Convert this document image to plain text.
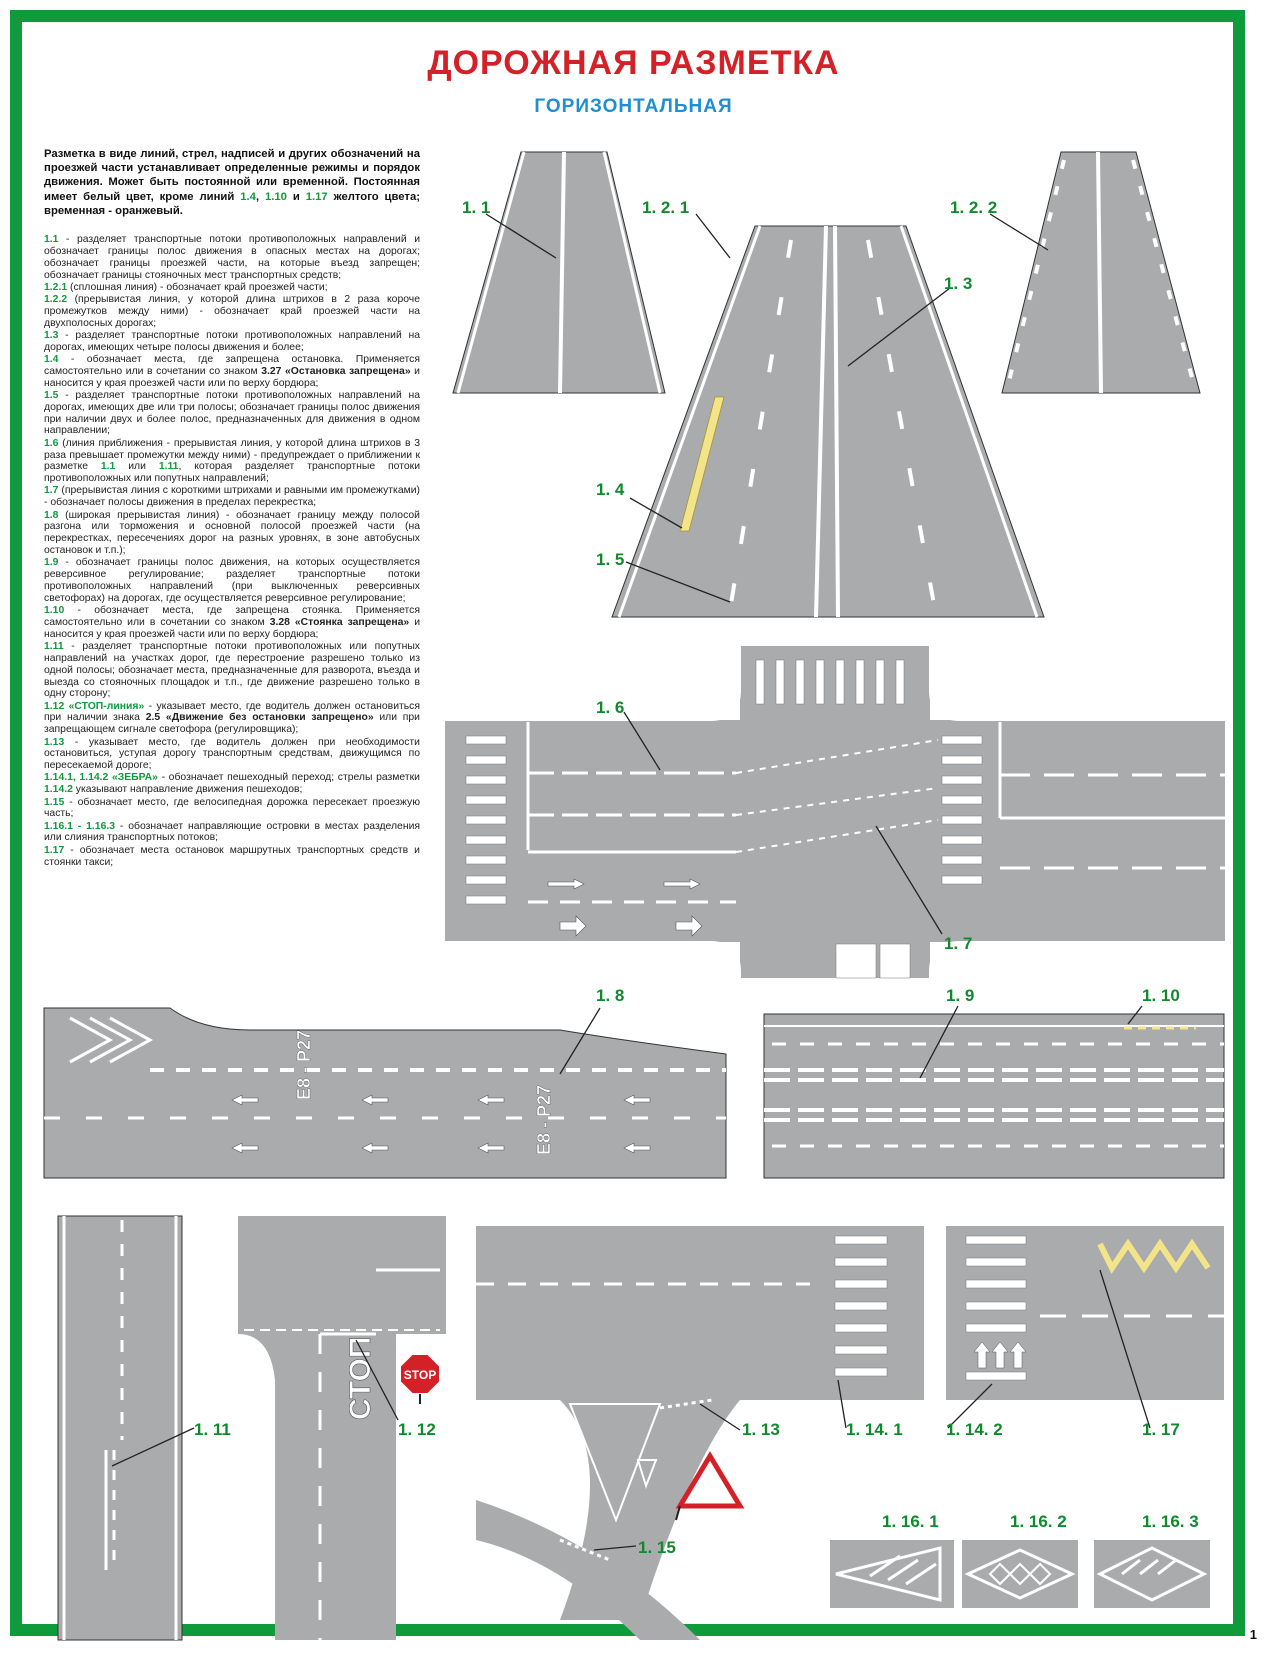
ДОРОЖНАЯ РАЗМЕТКА
ГОРИЗОНТАЛЬНАЯ
Разметка в виде линий, стрел, надписей и других обозначений на проезжей части устанавливает определенные режимы и порядок движения. Может быть постоянной или временной. Постоянная имеет белый цвет, кроме линий 1.4, 1.10 и 1.17 желтого цвета; временная - оранжевый.

1.1 - разделяет транспортные потоки противоположных направлений и обозначает границы полос движения в опасных местах на дорогах; обозначает границы проезжей части, на которые въезд запрещен; обозначает границы стояночных мест транспортных средств;

1.2.1 (сплошная линия) - обозначает край проезжей части;

1.2.2 (прерывистая линия, у которой длина штрихов в 2 раза короче промежутков между ними) - обозначает край проезжей части на двухполосных дорогах;

1.3 - разделяет транспортные потоки противоположных направлений на дорогах, имеющих четыре полосы движения и более;

1.4 - обозначает места, где запрещена остановка. Применяется самостоятельно или в сочетании со знаком 3.27 «Остановка запрещена» и наносится у края проезжей части или по верху бордюра;

1.5 - разделяет транспортные потоки противоположных направлений на дорогах, имеющих две или три полосы; обозначает границы полос движения при наличии двух и более полос, предназначенных для движения в одном направлении;

1.6 (линия приближения - прерывистая линия, у которой длина штрихов в 3 раза превышает промежутки между ними) - предупреждает о приближении к разметке 1.1 или 1.11, которая разделяет транспортные потоки противоположных или попутных направлений;

1.7 (прерывистая линия с короткими штрихами и равными им промежутками) - обозначает полосы движения в пределах перекрестка;

1.8 (широкая прерывистая линия) - обозначает границу между полосой разгона или торможения и основной полосой проезжей части (на перекрестках, пересечениях дорог на разных уровнях, в зоне автобусных остановок и т.п.);

1.9 - обозначает границы полос движения, на которых осуществляется реверсивное регулирование; разделяет транспортные потоки противоположных направлений (при выключенных реверсивных светофорах) на дорогах, где осуществляется реверсивное регулирование;

1.10 - обозначает места, где запрещена стоянка. Применяется самостоятельно или в сочетании со знаком 3.28 «Стоянка запрещена» и наносится у края проезжей части или по верху бордюра;

1.11 - разделяет транспортные потоки противоположных или попутных направлений на участках дорог, где перестроение разрешено только из одной полосы; обозначает места, предназначенные для разворота, въезда и выезда со стояночных площадок и т.п., где движение разрешено только в одну сторону;

1.12 «СТОП-линия» - указывает место, где водитель должен остановиться при наличии знака 2.5 «Движение без остановки запрещено» или при запрещающем сигнале светофора (регулировщика);

1.13 - указывает место, где водитель должен при необходимости остановиться, уступая дорогу транспортным средствам, движущимся по пересекаемой дороге;

1.14.1, 1.14.2 «ЗЕБРА» - обозначает пешеходный переход; стрелы разметки 1.14.2 указывают направление движения пешеходов;

1.15 - обозначает место, где велосипедная дорожка пересекает проезжую часть;

1.16.1 - 1.16.3 - обозначает направляющие островки в местах разделения или слияния транспортных потоков;

1.17 - обозначает места остановок маршрутных транспортных средств и стоянки такси;

E8 - P27
E8 - P27
СТОП STOP
1. 1	1. 2. 1	1. 2. 2
1. 3
1. 4
1. 5
1. 6
1. 7
1. 8	1. 9	1. 10
1. 11	1. 12	1. 13	1. 14. 1	1. 14. 2	1. 17
1. 15
1. 16. 1	1. 16. 2	1. 16. 3
1
